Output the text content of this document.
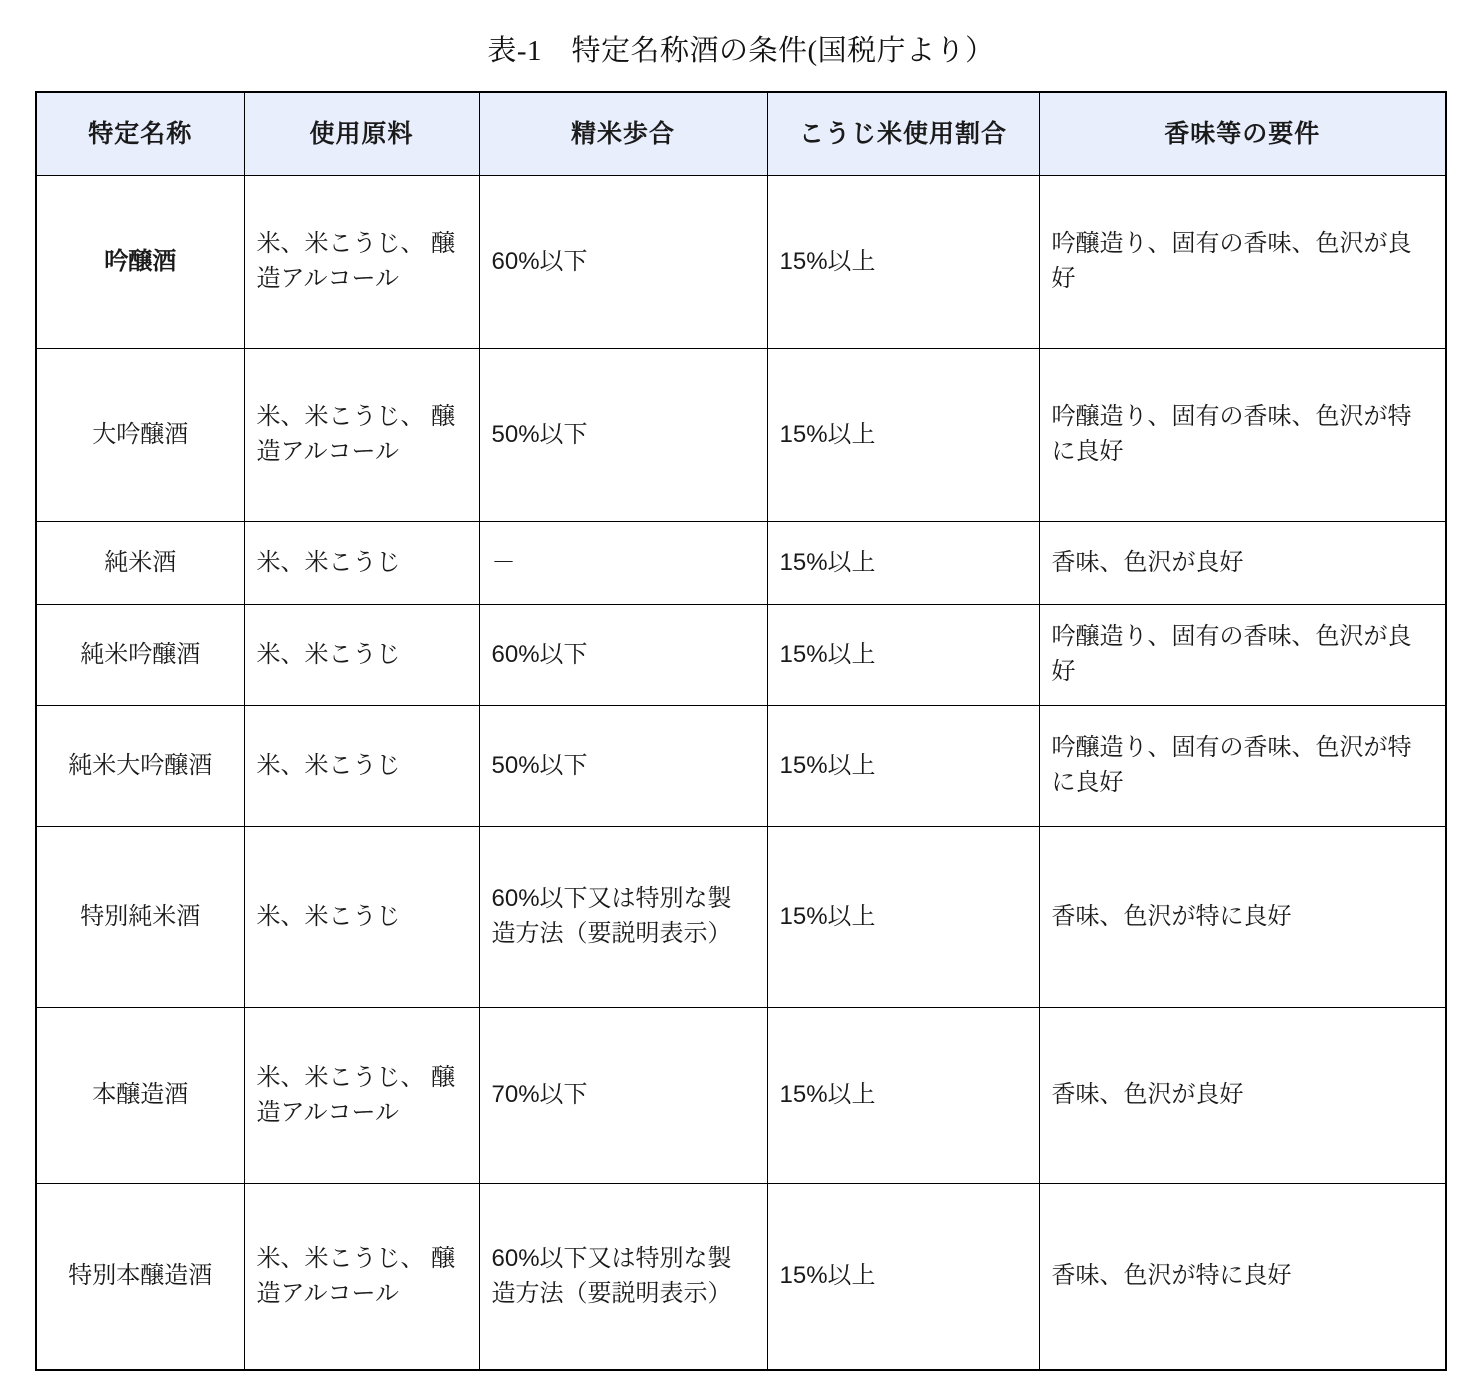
表-1　特定名称酒の条件(国税庁より）
特定名称	使用原料	精米歩合	こうじ米使用割合	香味等の要件
吟醸酒	米、米こうじ、 醸造アルコール	60%以下	15%以上	吟醸造り、固有の香味、色沢が良好
大吟醸酒	米、米こうじ、 醸造アルコール	50%以下	15%以上	吟醸造り、固有の香味、色沢が特に良好
純米酒	米、米こうじ	－	15%以上	香味、色沢が良好
純米吟醸酒	米、米こうじ	60%以下	15%以上	吟醸造り、固有の香味、色沢が良好
純米大吟醸酒	米、米こうじ	50%以下	15%以上	吟醸造り、固有の香味、色沢が特に良好
特別純米酒	米、米こうじ	60%以下又は特別な製造方法（要説明表示）	15%以上	香味、色沢が特に良好
本醸造酒	米、米こうじ、 醸造アルコール	70%以下	15%以上	香味、色沢が良好
特別本醸造酒	米、米こうじ、 醸造アルコール	60%以下又は特別な製造方法（要説明表示）	15%以上	香味、色沢が特に良好
